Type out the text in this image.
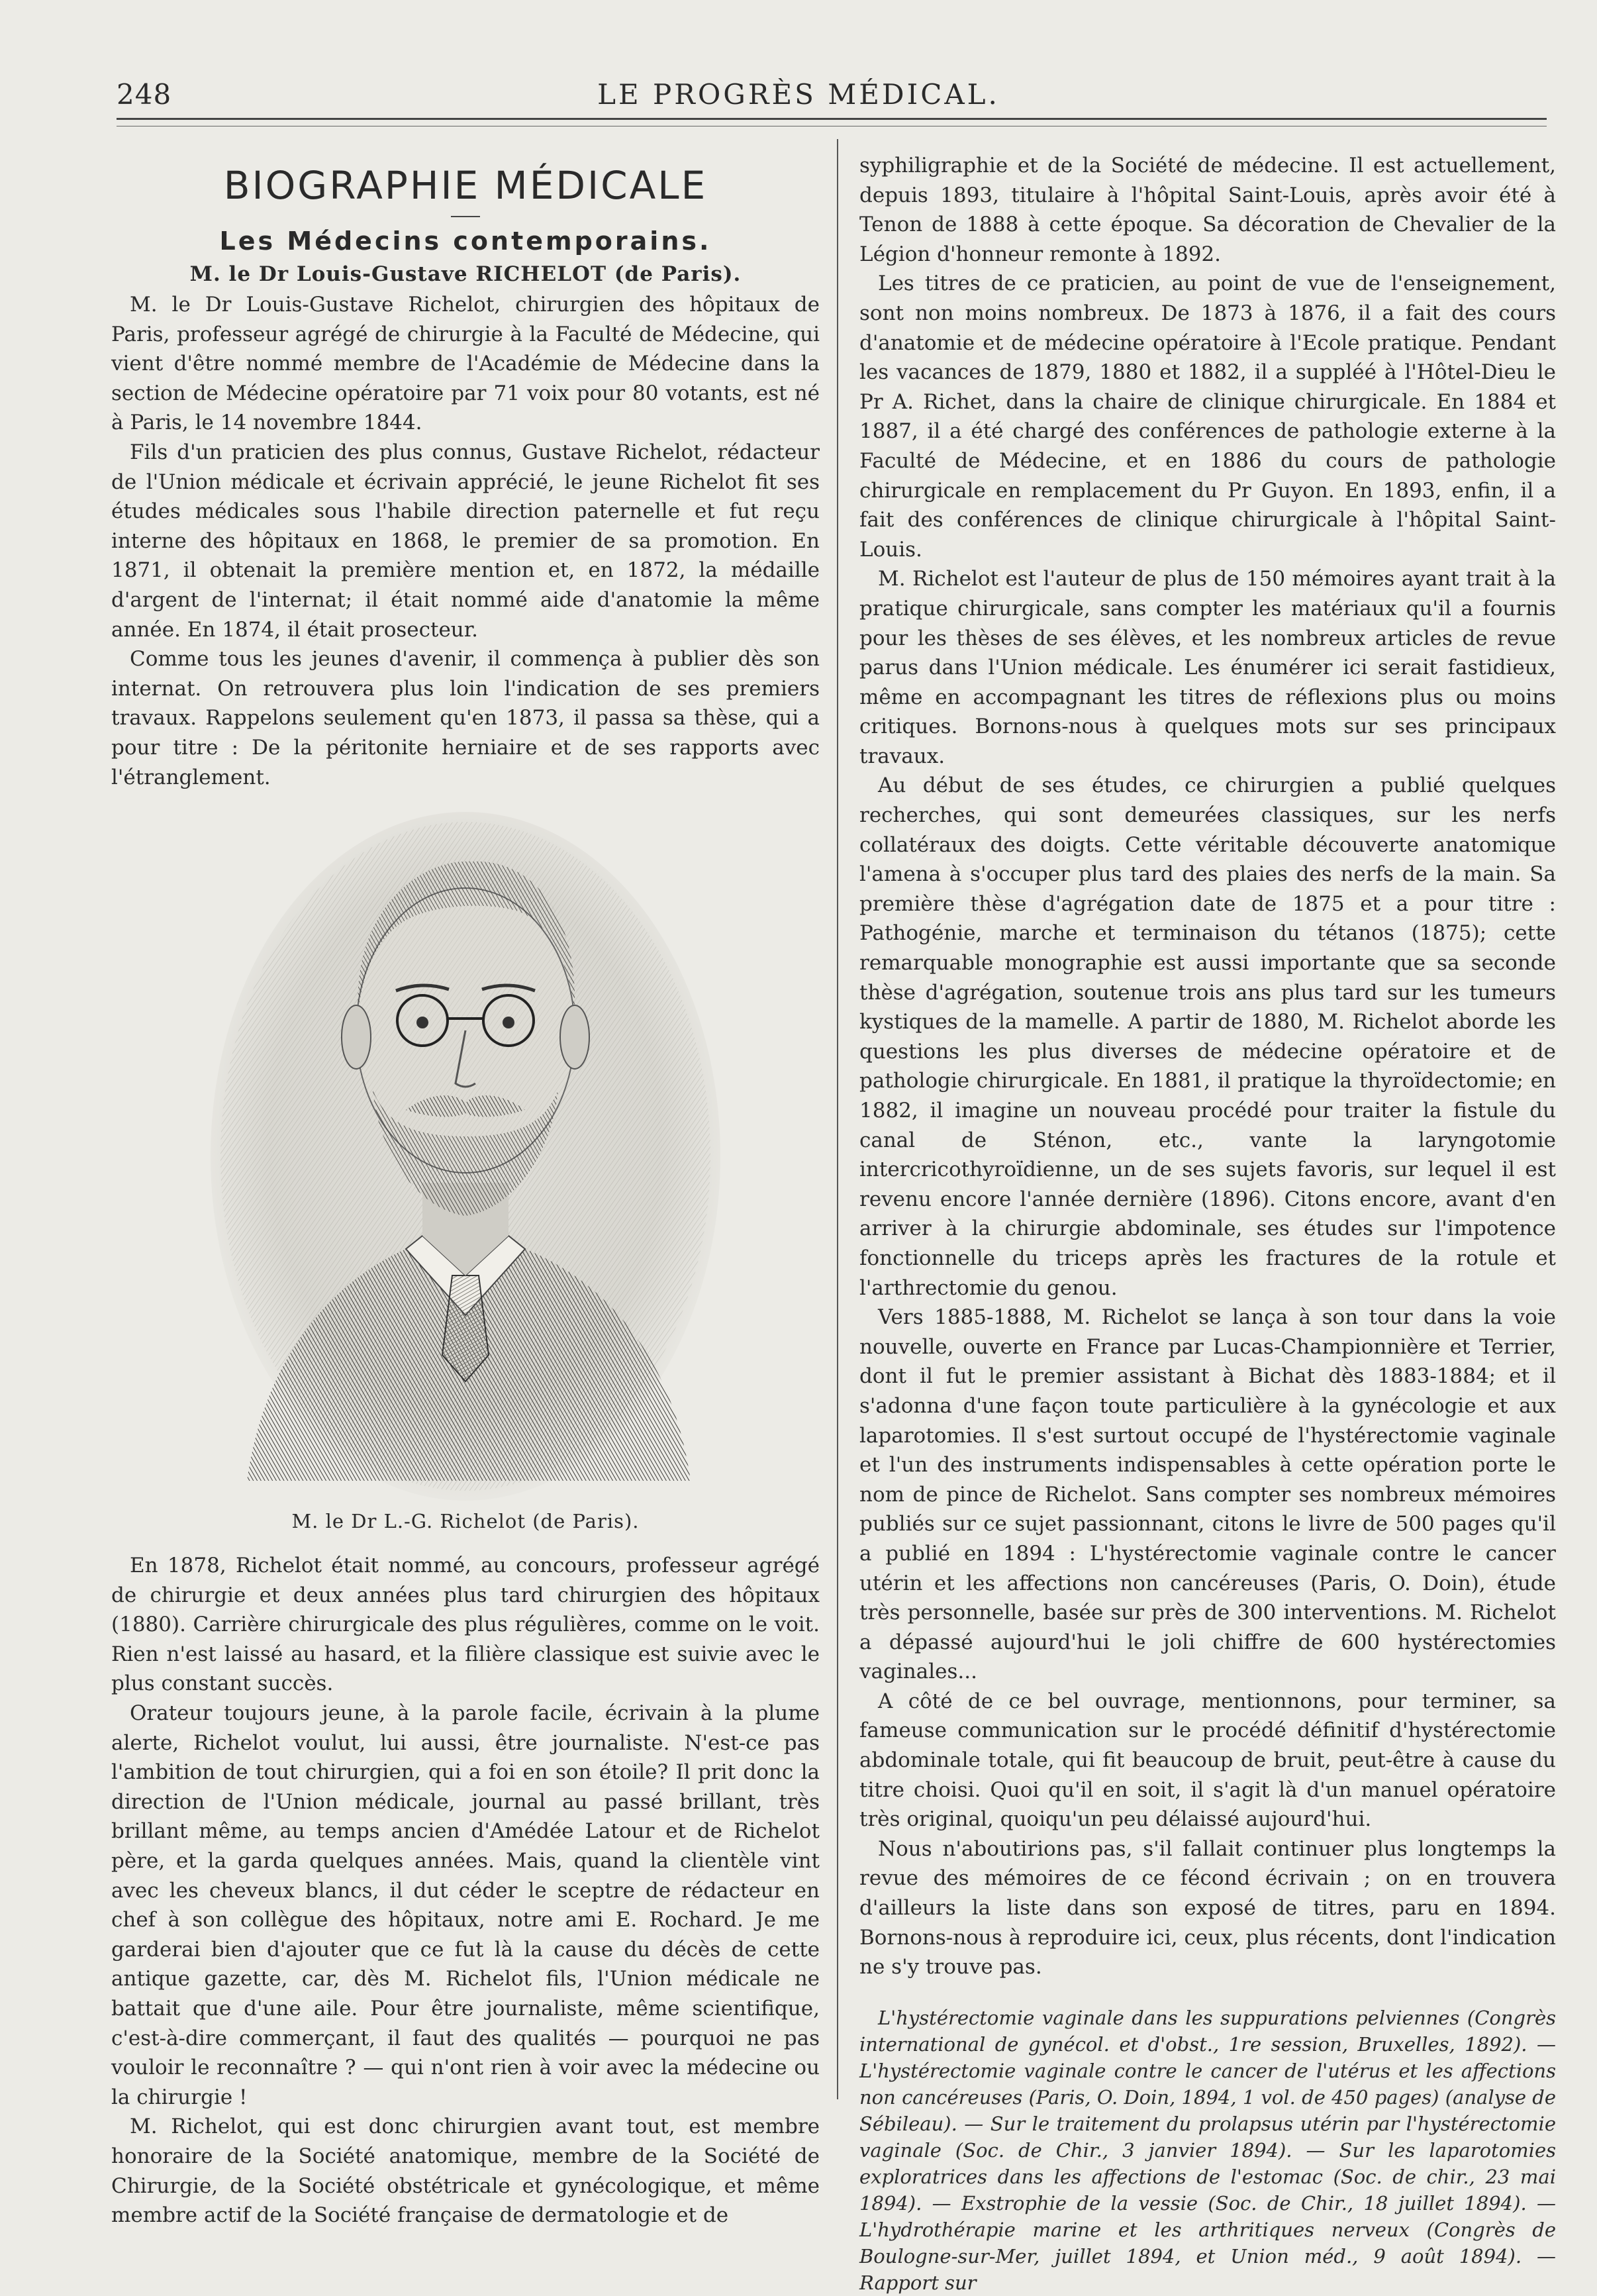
248	LE PROGRÈS MÉDICAL.
BIOGRAPHIE MÉDICALE
Les Médecins contemporains.
M. le Dr Louis-Gustave RICHELOT (de Paris).

M. le Dr Louis-Gustave Richelot, chirurgien des hôpitaux de Paris, professeur agrégé de chirurgie à la Faculté de Médecine, qui vient d'être nommé membre de l'Académie de Médecine dans la section de Médecine opératoire par 71 voix pour 80 votants, est né à Paris, le 14 novembre 1844.

Fils d'un praticien des plus connus, Gustave Richelot, rédacteur de l'Union médicale et écrivain apprécié, le jeune Richelot fit ses études médicales sous l'habile direction paternelle et fut reçu interne des hôpitaux en 1868, le premier de sa promotion. En 1871, il obtenait la première mention et, en 1872, la médaille d'argent de l'internat; il était nommé aide d'anatomie la même année. En 1874, il était prosecteur.

Comme tous les jeunes d'avenir, il commença à publier dès son internat. On retrouvera plus loin l'indication de ses premiers travaux. Rappelons seulement qu'en 1873, il passa sa thèse, qui a pour titre : De la péritonite herniaire et de ses rapports avec l'étranglement.

M. le Dr L.-G. Richelot (de Paris).

En 1878, Richelot était nommé, au concours, professeur agrégé de chirurgie et deux années plus tard chirurgien des hôpitaux (1880). Carrière chirurgicale des plus régulières, comme on le voit. Rien n'est laissé au hasard, et la filière classique est suivie avec le plus constant succès.

Orateur toujours jeune, à la parole facile, écrivain à la plume alerte, Richelot voulut, lui aussi, être journaliste. N'est-ce pas l'ambition de tout chirurgien, qui a foi en son étoile? Il prit donc la direction de l'Union médicale, journal au passé brillant, très brillant même, au temps ancien d'Amédée Latour et de Richelot père, et la garda quelques années. Mais, quand la clientèle vint avec les cheveux blancs, il dut céder le sceptre de rédacteur en chef à son collègue des hôpitaux, notre ami E. Rochard. Je me garderai bien d'ajouter que ce fut là la cause du décès de cette antique gazette, car, dès M. Richelot fils, l'Union médicale ne battait que d'une aile. Pour être journaliste, même scientifique, c'est-à-dire commerçant, il faut des qualités — pourquoi ne pas vouloir le reconnaître ? — qui n'ont rien à voir avec la médecine ou la chirurgie !

M. Richelot, qui est donc chirurgien avant tout, est membre honoraire de la Société anatomique, membre de la Société de Chirurgie, de la Société obstétricale et gynécologique, et même membre actif de la Société française de dermatologie et de

syphiligraphie et de la Société de médecine. Il est actuellement, depuis 1893, titulaire à l'hôpital Saint-Louis, après avoir été à Tenon de 1888 à cette époque. Sa décoration de Chevalier de la Légion d'honneur remonte à 1892.

Les titres de ce praticien, au point de vue de l'enseignement, sont non moins nombreux. De 1873 à 1876, il a fait des cours d'anatomie et de médecine opératoire à l'Ecole pratique. Pendant les vacances de 1879, 1880 et 1882, il a suppléé à l'Hôtel-Dieu le Pr A. Richet, dans la chaire de clinique chirurgicale. En 1884 et 1887, il a été chargé des conférences de pathologie externe à la Faculté de Médecine, et en 1886 du cours de pathologie chirurgicale en remplacement du Pr Guyon. En 1893, enfin, il a fait des conférences de clinique chirurgicale à l'hôpital Saint-Louis.

M. Richelot est l'auteur de plus de 150 mémoires ayant trait à la pratique chirurgicale, sans compter les matériaux qu'il a fournis pour les thèses de ses élèves, et les nombreux articles de revue parus dans l'Union médicale. Les énumérer ici serait fastidieux, même en accompagnant les titres de réflexions plus ou moins critiques. Bornons-nous à quelques mots sur ses principaux travaux.

Au début de ses études, ce chirurgien a publié quelques recherches, qui sont demeurées classiques, sur les nerfs collatéraux des doigts. Cette véritable découverte anatomique l'amena à s'occuper plus tard des plaies des nerfs de la main. Sa première thèse d'agrégation date de 1875 et a pour titre : Pathogénie, marche et terminaison du tétanos (1875); cette remarquable monographie est aussi importante que sa seconde thèse d'agrégation, soutenue trois ans plus tard sur les tumeurs kystiques de la mamelle. A partir de 1880, M. Richelot aborde les questions les plus diverses de médecine opératoire et de pathologie chirurgicale. En 1881, il pratique la thyroïdectomie; en 1882, il imagine un nouveau procédé pour traiter la fistule du canal de Sténon, etc., vante la laryngotomie intercricothyroïdienne, un de ses sujets favoris, sur lequel il est revenu encore l'année dernière (1896). Citons encore, avant d'en arriver à la chirurgie abdominale, ses études sur l'impotence fonctionnelle du triceps après les fractures de la rotule et l'arthrectomie du genou.

Vers 1885-1888, M. Richelot se lança à son tour dans la voie nouvelle, ouverte en France par Lucas-Championnière et Terrier, dont il fut le premier assistant à Bichat dès 1883-1884; et il s'adonna d'une façon toute particulière à la gynécologie et aux laparotomies. Il s'est surtout occupé de l'hystérectomie vaginale et l'un des instruments indispensables à cette opération porte le nom de pince de Richelot. Sans compter ses nombreux mémoires publiés sur ce sujet passionnant, citons le livre de 500 pages qu'il a publié en 1894 : L'hystérectomie vaginale contre le cancer utérin et les affections non cancéreuses (Paris, O. Doin), étude très personnelle, basée sur près de 300 interventions. M. Richelot a dépassé aujourd'hui le joli chiffre de 600 hystérectomies vaginales...

A côté de ce bel ouvrage, mentionnons, pour terminer, sa fameuse communication sur le procédé définitif d'hystérectomie abdominale totale, qui fit beaucoup de bruit, peut-être à cause du titre choisi. Quoi qu'il en soit, il s'agit là d'un manuel opératoire très original, quoiqu'un peu délaissé aujourd'hui.

Nous n'aboutirions pas, s'il fallait continuer plus longtemps la revue des mémoires de ce fécond écrivain ; on en trouvera d'ailleurs la liste dans son exposé de titres, paru en 1894. Bornons-nous à reproduire ici, ceux, plus récents, dont l'indication ne s'y trouve pas.

L'hystérectomie vaginale dans les suppurations pelviennes (Congrès international de gynécol. et d'obst., 1re session, Bruxelles, 1892). — L'hystérectomie vaginale contre le cancer de l'utérus et les affections non cancéreuses (Paris, O. Doin, 1894, 1 vol. de 450 pages) (analyse de Sébileau). — Sur le traitement du prolapsus utérin par l'hystérectomie vaginale (Soc. de Chir., 3 janvier 1894). — Sur les laparotomies exploratrices dans les affections de l'estomac (Soc. de chir., 23 mai 1894). — Exstrophie de la vessie (Soc. de Chir., 18 juillet 1894). — L'hydrothérapie marine et les arthritiques nerveux (Congrès de Boulogne-sur-Mer, juillet 1894, et Union méd., 9 août 1894). — Rapport sur
